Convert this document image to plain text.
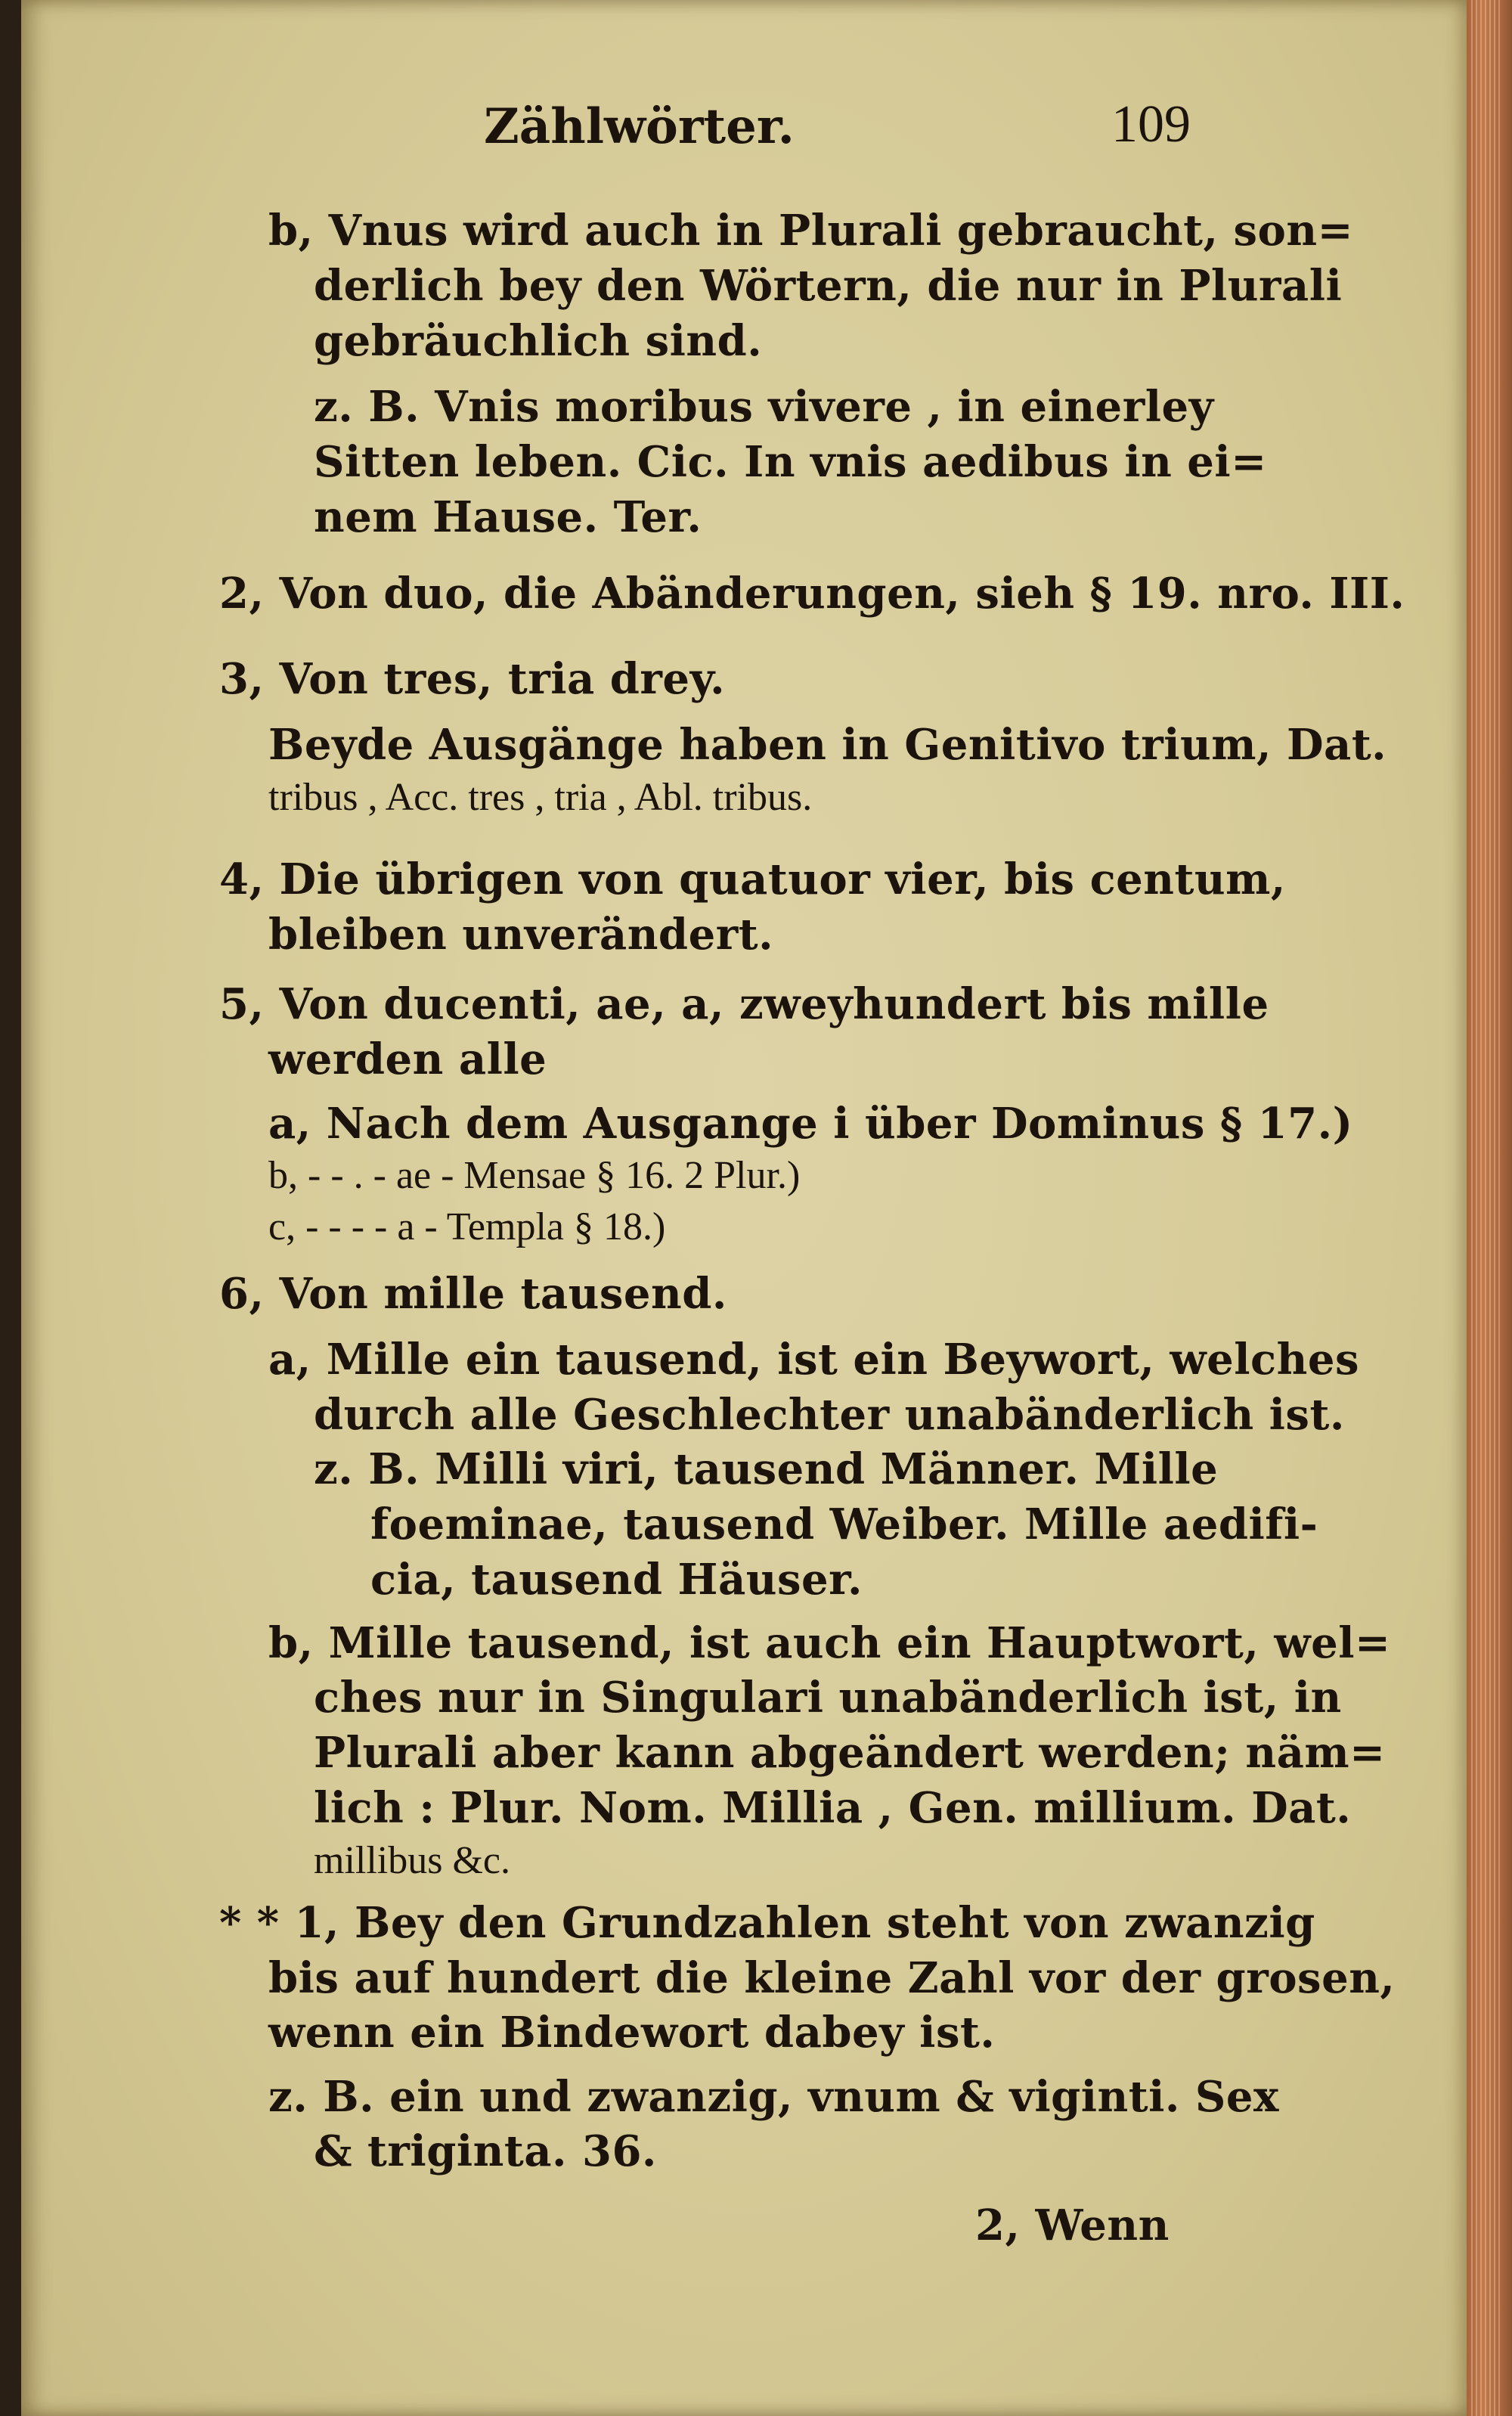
Zählwörter.	109
b, Vnus wird auch in Plurali gebraucht, son=
derlich bey den Wörtern, die nur in Plurali
gebräuchlich sind.
z. B. Vnis moribus vivere , in einerley
Sitten leben. Cic. In vnis aedibus in ei=
nem Hause. Ter.
2, Von duo, die Abänderungen, sieh § 19. nro. III.
3, Von tres, tria drey.
Beyde Ausgänge haben in Genitivo trium, Dat.
tribus , Acc. tres , tria , Abl. tribus.
4, Die übrigen von quatuor vier, bis centum,
bleiben unverändert.
5, Von ducenti, ae, a, zweyhundert bis mille
werden alle
a, Nach dem Ausgange i über Dominus § 17.)
b, - - . - ae - Mensae § 16. 2 Plur.)
c, - - - - a - Templa § 18.)
6, Von mille tausend.
a, Mille ein tausend, ist ein Beywort, welches
durch alle Geschlechter unabänderlich ist.
z. B. Milli viri, tausend Männer. Mille
foeminae, tausend Weiber. Mille aedifi-
cia, tausend Häuser.
b, Mille tausend, ist auch ein Hauptwort, wel=
ches nur in Singulari unabänderlich ist, in
Plurali aber kann abgeändert werden; näm=
lich : Plur. Nom. Millia , Gen. millium. Dat.
millibus &c.
* * 1, Bey den Grundzahlen steht von zwanzig
bis auf hundert die kleine Zahl vor der grosen,
wenn ein Bindewort dabey ist.
z. B. ein und zwanzig, vnum & viginti. Sex
& triginta. 36.
2, Wenn
